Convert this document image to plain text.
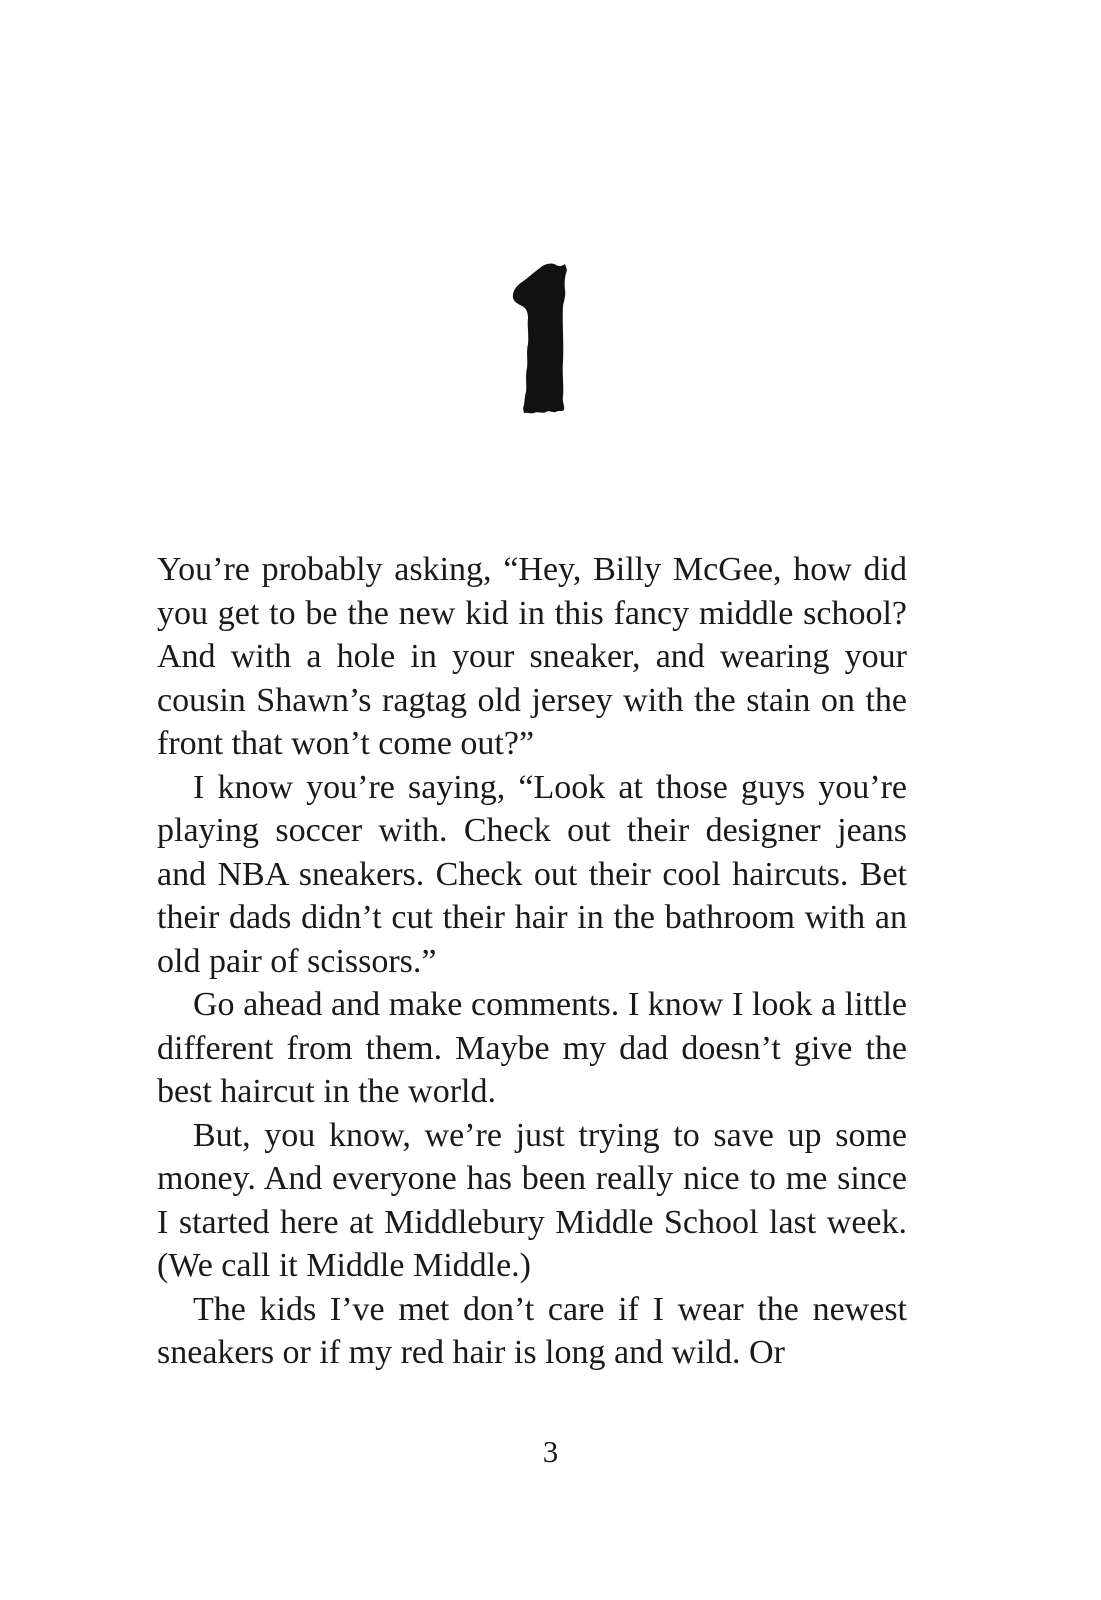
You’re probably asking, “Hey, Billy McGee, how did you get to be the new kid in this fancy middle school? And with a hole in your sneaker, and wearing your cousin Shawn’s ragtag old jersey with the stain on the front that won’t come out?”

I know you’re saying, “Look at those guys you’re playing soccer with. Check out their designer jeans and NBA sneakers. Check out their cool haircuts. Bet their dads didn’t cut their hair in the bathroom with an old pair of scissors.”

Go ahead and make comments. I know I look a little different from them. Maybe my dad doesn’t give the best haircut in the world.

But, you know, we’re just trying to save up some money. And everyone has been really nice to me since I started here at Middlebury Middle School last week. (We call it Middle Middle.)

The kids I’ve met don’t care if I wear the newest sneakers or if my red hair is long and wild. Or

3
